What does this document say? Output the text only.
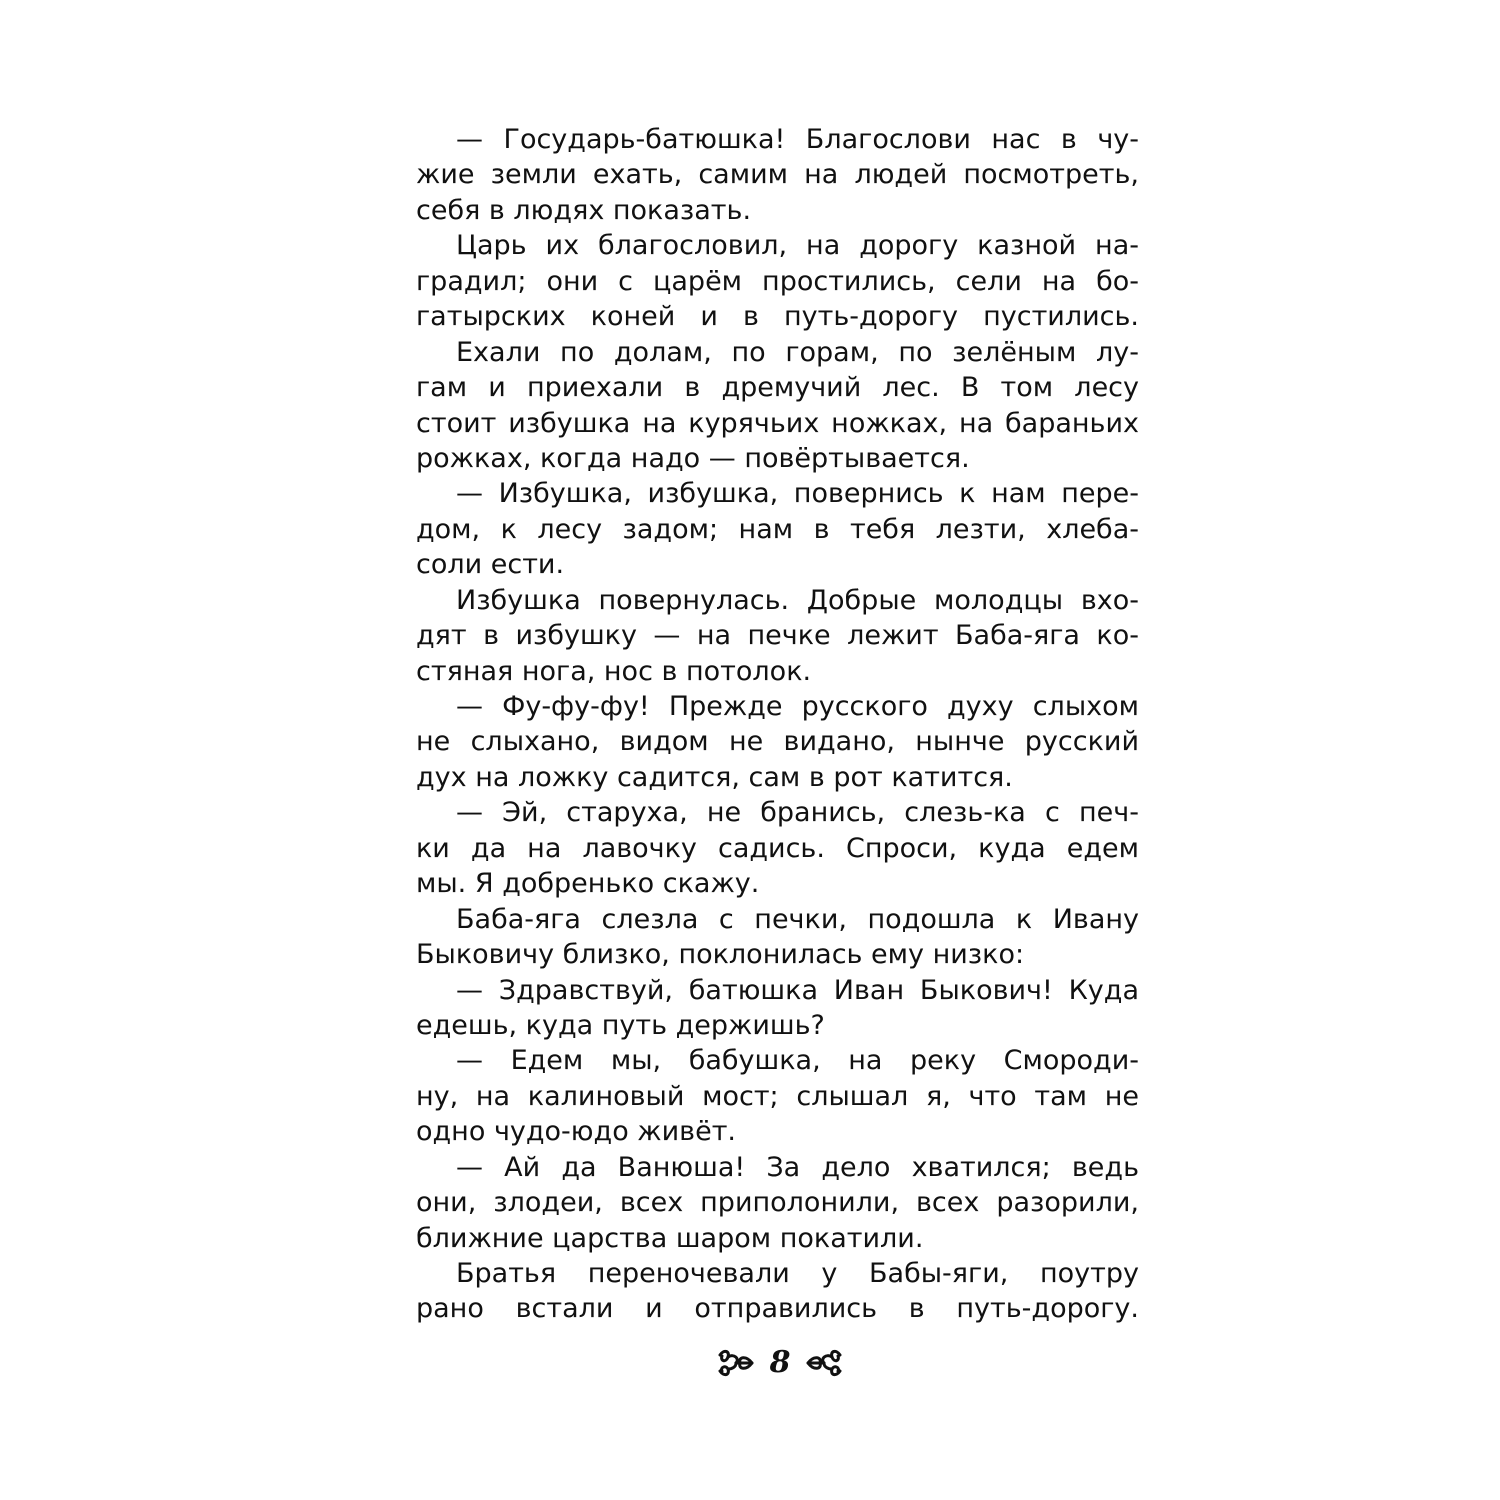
— Государь-батюшка! Благослови нас в чу-
жие земли ехать, самим на людей посмотреть,
себя в людях показать.
Царь их благословил, на дорогу казной на-
градил; они с царём простились, сели на бо-
гатырских коней и в путь-дорогу пустились.
Ехали по долам, по горам, по зелёным лу-
гам и приехали в дремучий лес. В том лесу
стоит избушка на курячьих ножках, на бараньих
рожках, когда надо — повёртывается.
— Избушка, избушка, повернись к нам пере-
дом, к лесу задом; нам в тебя лезти, хлеба-
соли ести.
Избушка повернулась. Добрые молодцы вхо-
дят в избушку — на печке лежит Баба-яга ко-
стяная нога, нос в потолок.
— Фу-фу-фу! Прежде русского духу слыхом
не слыхано, видом не видано, нынче русский
дух на ложку садится, сам в рот катится.
— Эй, старуха, не бранись, слезь-ка с печ-
ки да на лавочку садись. Спроси, куда едем
мы. Я добренько скажу.
Баба-яга слезла с печки, подошла к Ивану
Быковичу близко, поклонилась ему низко:
— Здравствуй, батюшка Иван Быкович! Куда
едешь, куда путь держишь?
— Едем мы, бабушка, на реку Смороди-
ну, на калиновый мост; слышал я, что там не
одно чудо-юдо живёт.
— Ай да Ванюша! За дело хватился; ведь
они, злодеи, всех приполонили, всех разорили,
ближние царства шаром покатили.
Братья переночевали у Бабы-яги, поутру
рано встали и отправились в путь-дорогу.
8
